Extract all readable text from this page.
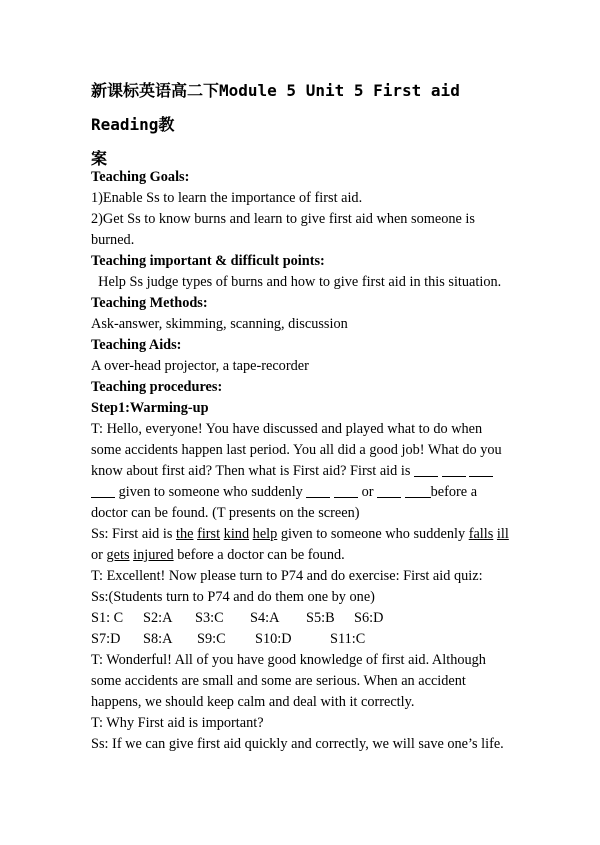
新课标英语高二下Module 5 Unit 5 First aid Reading教
案

Teaching Goals:

1)Enable Ss to learn the importance of first aid.

2)Get Ss to know burns and learn to give first aid when someone is burned.

Teaching important & difficult points:

Help Ss judge types of burns and how to give first aid in this situation.

Teaching Methods:

Ask-answer, skimming, scanning, discussion

Teaching Aids:

A over-head projector, a tape-recorder

Teaching procedures:

Step1:Warming-up

T: Hello, everyone! You have discussed and played what to do when

some accidents happen last period. You all did a good job! What do you

know about first aid? Then what is First aid? First aid is

given to someone who suddenly	or	before a

doctor can be found. (T presents on the screen)

Ss: First aid is the first kind help given to someone who suddenly falls ill

or gets injured before a doctor can be found.

T: Excellent! Now please turn to P74 and do exercise: First aid quiz:

Ss:(Students turn to P74 and do them one by one)

S1: C S2:A S3:C S4:A S5:B S6:D

S7:D S8:A S9:C S10:D	S11:C

T: Wonderful! All of you have good knowledge of first aid. Although

some accidents are small and some are serious. When an accident

happens, we should keep calm and deal with it correctly.

T: Why First aid is important?

Ss: If we can give first aid quickly and correctly, we will save one’s life.
